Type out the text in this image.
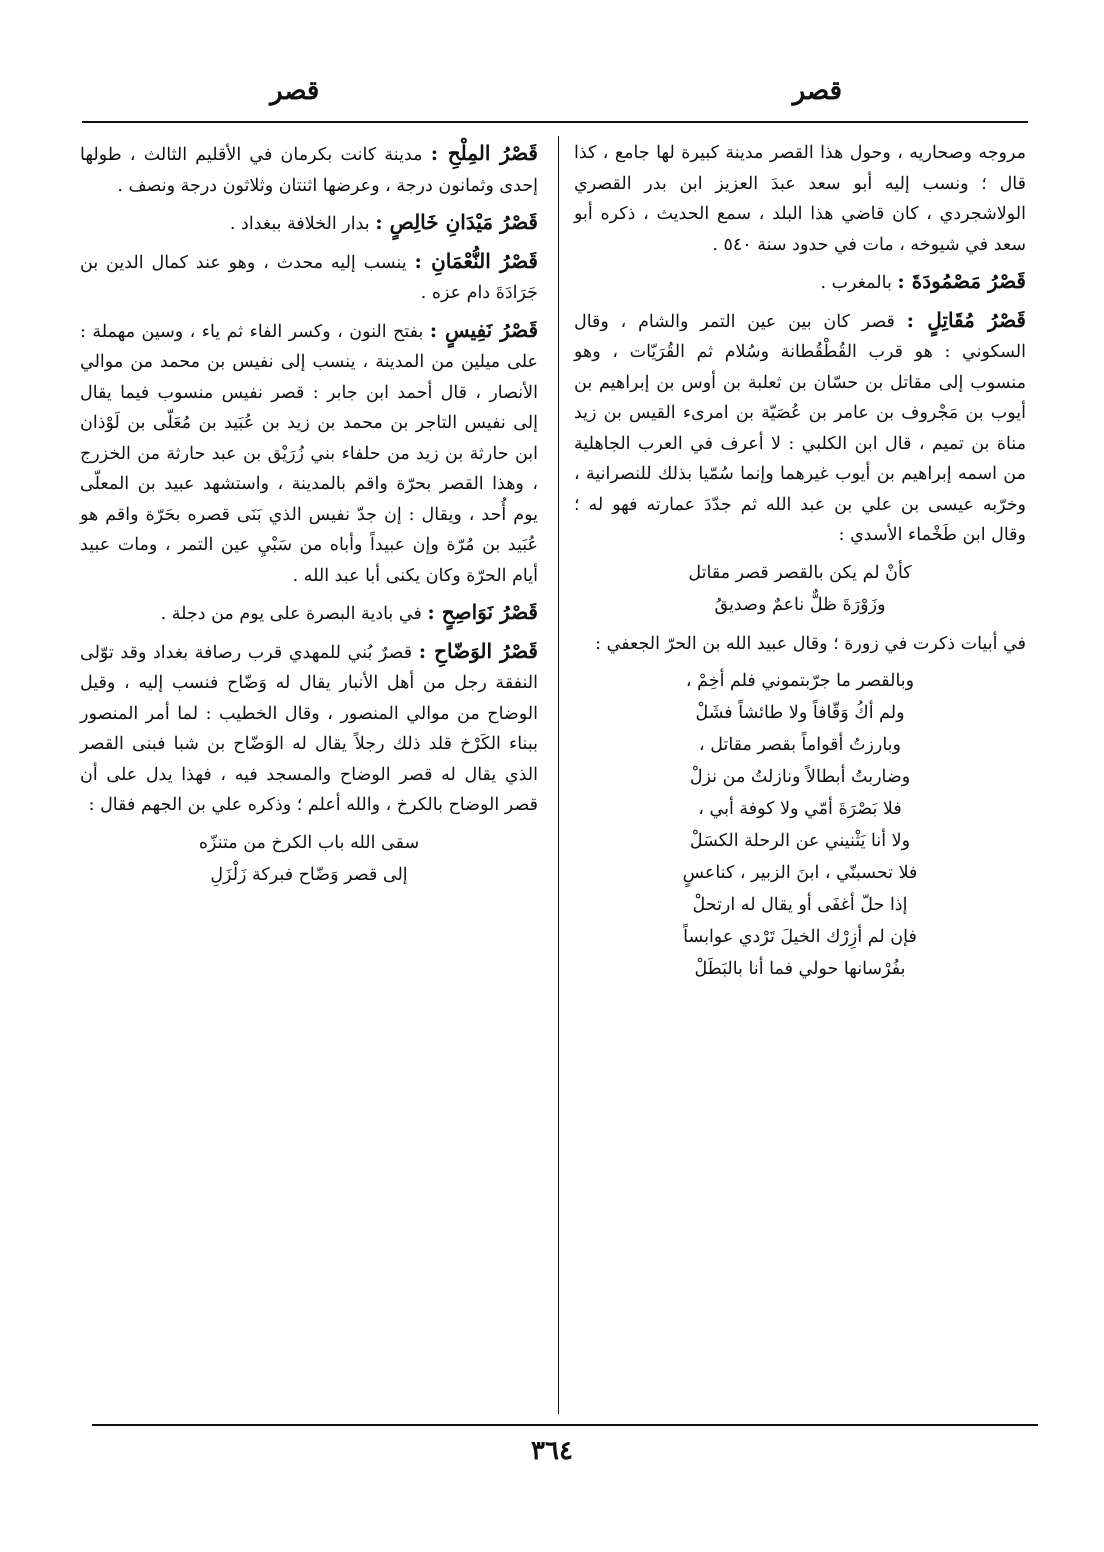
قصر
قصر

مروجه وصحاريه ، وحول هذا القصر مدينة كبيرة لها جامع ، كذا قال ؛ ونسب إليه أبو سعد عبدَ العزيز ابن بدر القصري الولاشجردي ، كان قاضي هذا البلد ، سمع الحديث ، ذكره أبو سعد في شيوخه ، مات في حدود سنة ٥٤٠ .

قَصْرُ مَصْمُودَةَ : بالمغرب .

قَصْرُ مُقَاتِلٍ : قصر كان بين عين التمر والشام ، وقال السكوني : هو قرب القُطْقُطانة وسُلام ثم القُرَيّات ، وهو منسوب إلى مقاتل بن حسّان بن ثعلبة بن أوس بن إبراهيم بن أيوب بن مَجْروف بن عامر بن عُصَيّة بن امرىء القيس بن زيد مناة بن تميم ، قال ابن الكلبي : لا أعرف في العرب الجاهلية من اسمه إبراهيم بن أيوب غيرهما وإنما سُمّيا بذلك للنصرانية ، وخرّبه عيسى بن علي بن عبد الله ثم جدّدَ عمارته فهو له ؛ وقال ابن طَخْماء الأسدي :

كأنْ لم يكن بالقصر قصر مقاتل
وزَوْرَةَ ظلٌّ ناعمٌ وصديقُ

في أبيات ذكرت في زورة ؛ وقال عبيد الله بن الحرّ الجعفي :

وبالقصر ما جرّبتموني فلم أخِمْ ،
ولم أكُ وَقّافاً ولا طائشاً فشَلْ
وبارزتُ أقواماً بقصر مقاتل ،
وضاربتُ أبطالاً ونازلتُ من نزلْ
فلا بَصْرَةَ أمّي ولا كوفة أبي ،
ولا أنا يَثْنيني عن الرحلة الكسَلْ
فلا تحسبنّي ، ابنَ الزبير ، كناعسٍ
إذا حلّ أغفَى أو يقال له ارتحلْ
فإن لم أزِرْك الخيلَ تَرْدي عوابساً
بفُرْسانها حولي فما أنا بالبَطَلْ

قَصْرُ المِلْحِ : مدينة كانت بكرمان في الأقليم الثالث ، طولها إحدى وثمانون درجة ، وعرضها اثنتان وثلاثون درجة ونصف .

قَصْرُ مَيْدَانِ خَالِصٍ : بدار الخلافة ببغداد .

قَصْرُ النُّعْمَانِ : ينسب إليه محدث ، وهو عند كمال الدين بن جَرَادَةَ دام عزه .

قَصْرُ نَفِيسٍ : بفتح النون ، وكسر الفاء ثم ياء ، وسين مهملة : على ميلين من المدينة ، ينسب إلى نفيس بن محمد من موالي الأنصار ، قال أحمد ابن جابر : قصر نفيس منسوب فيما يقال إلى نفيس التاجر بن محمد بن زيد بن عُبَيد بن مُعَلّى بن لَوْذان ابن حارثة بن زيد من حلفاء بني زُرَيْق بن عبد حارثة من الخزرج ، وهذا القصر بحرّة واقم بالمدينة ، واستشهد عبيد بن المعلّى يوم أُحد ، ويقال : إن جدّ نفيس الذي بَنَى قصره بحَرّة واقم هو عُبَيد بن مُرّة وإن عبيداً وأباه من سَبْيِ عين التمر ، ومات عبيد أيام الحرّة وكان يكنى أبا عبد الله .

قَصْرُ نَوَاصِحٍ : في بادية البصرة على يوم من دجلة .

قَصْرُ الوَضّاحِ : قصرٌ بُني للمهدي قرب رصافة بغداد وقد توّلى النفقة رجل من أهل الأنبار يقال له وَضّاح فنسب إليه ، وقيل الوضاح من موالي المنصور ، وقال الخطيب : لما أمر المنصور ببناء الكَرْخ قلد ذلك رجلاً يقال له الوَضّاح بن شبا فبنى القصر الذي يقال له قصر الوضاح والمسجد فيه ، فهذا يدل على أن قصر الوضاح بالكرخ ، والله أعلم ؛ وذكره علي بن الجهم فقال :

سقى الله باب الكرخ من متنزّه
إلى قصر وَضّاح فبركة زَلْزَلِ
٣٦٤
